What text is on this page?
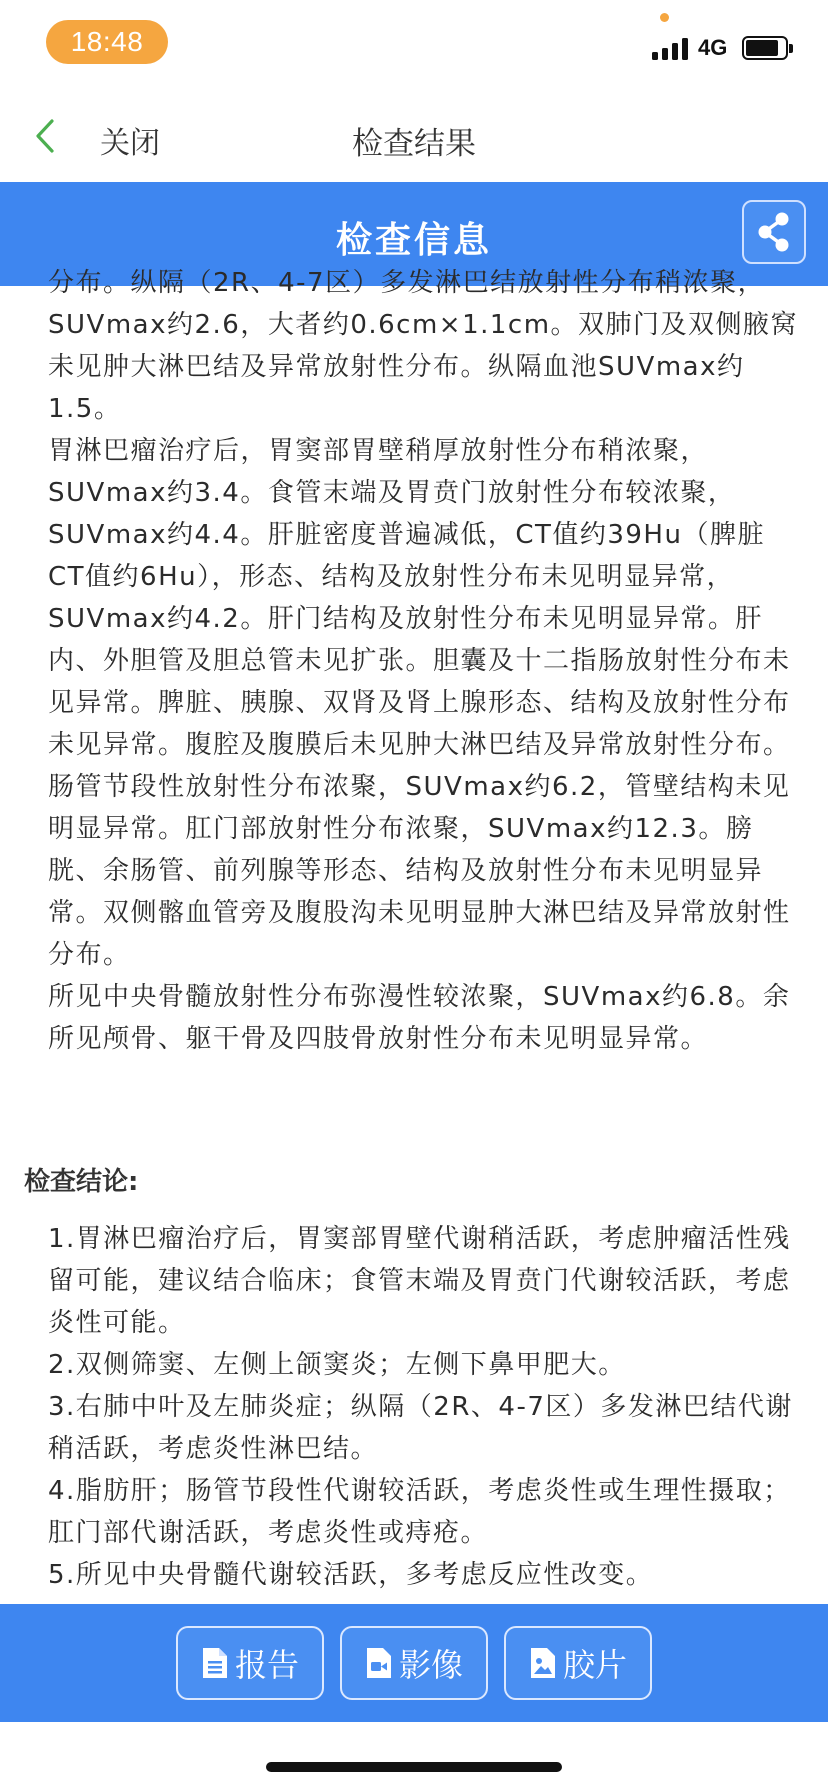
18:48	4G
关闭	检查结果
检查信息

分布。纵隔（2R、4-7区）多发淋巴结放射性分布稍浓聚，SUVmax约2.6，大者约0.6cm×1.1cm。双肺门及双侧腋窝未见肿大淋巴结及异常放射性分布。纵隔血池SUVmax约1.5。

胃淋巴瘤治疗后，胃窦部胃壁稍厚放射性分布稍浓聚，SUVmax约3.4。食管末端及胃贲门放射性分布较浓聚，SUVmax约4.4。肝脏密度普遍减低，CT值约39Hu（脾脏CT值约6Hu），形态、结构及放射性分布未见明显异常，SUVmax约4.2。肝门结构及放射性分布未见明显异常。肝内、外胆管及胆总管未见扩张。胆囊及十二指肠放射性分布未见异常。脾脏、胰腺、双肾及肾上腺形态、结构及放射性分布未见异常。腹腔及腹膜后未见肿大淋巴结及异常放射性分布。

肠管节段性放射性分布浓聚，SUVmax约6.2，管壁结构未见明显异常。肛门部放射性分布浓聚，SUVmax约12.3。膀胱、余肠管、前列腺等形态、结构及放射性分布未见明显异常。双侧髂血管旁及腹股沟未见明显肿大淋巴结及异常放射性分布。

所见中央骨髓放射性分布弥漫性较浓聚，SUVmax约6.8。余所见颅骨、躯干骨及四肢骨放射性分布未见明显异常。

检查结论:

1.胃淋巴瘤治疗后，胃窦部胃壁代谢稍活跃，考虑肿瘤活性残留可能，建议结合临床；食管末端及胃贲门代谢较活跃，考虑炎性可能。

2.双侧筛窦、左侧上颌窦炎；左侧下鼻甲肥大。

3.右肺中叶及左肺炎症；纵隔（2R、4-7区）多发淋巴结代谢稍活跃，考虑炎性淋巴结。

4.脂肪肝；肠管节段性代谢较活跃，考虑炎性或生理性摄取；肛门部代谢活跃，考虑炎性或痔疮。

5.所见中央骨髓代谢较活跃，多考虑反应性改变。

报告	影像	胶片
